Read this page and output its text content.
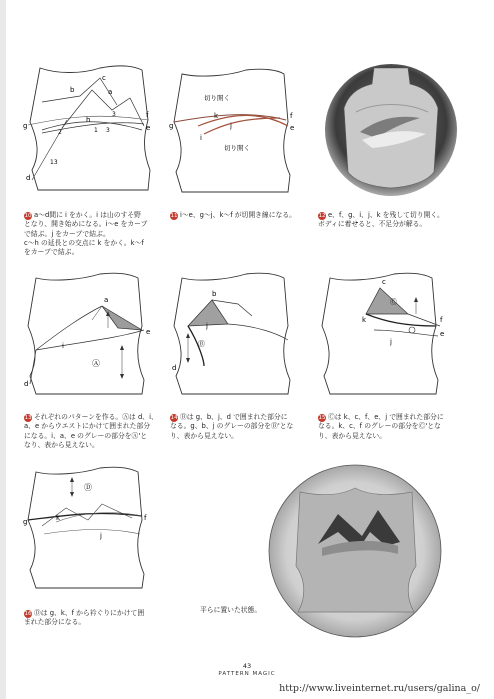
c
b	a
2
3
1 3
g
h
e
f
13
d
切り開く
g
k	f
j
i
e
切り開く

10 a～d間に i をかく。i は山のすそ野
となり、開き始めになる。i～e をカーブ
で結ぶ。j をカーブで結ぶ。
c～h の延長との交点に k をかく。k～f
をカーブで結ぶ。

11 i～e、g～j、k～f が切開き線になる。	12 e、f、g、i、j、k を残して切り開く。
ボディに着せると、不足分が解る。

a
i
e
d
Ⓐ
Ⓑ
b
j
d
c
Ⓒ
k	f
e
j

13 それぞれのパターンを作る。Ⓐは d、i、
a、e からウエストにかけて囲まれた部分
になる。i、a、e のグレーの部分をⒶ'と
なり、表から見えない。

14 Ⓑは g、b、j、d で囲まれた部分に
なる。g、b、j のグレーの部分をⒷ'とな
り、表から見えない。

15 Ⓒは k、c、f、e、j で囲まれた部分に
なる。k、c、f のグレーの部分をⒸ'とな
り、表から見えない。

Ⓓ
g	k	f
j

16 Ⓓは g、k、f から衿ぐりにかけて囲
まれた部分になる。

平らに置いた状態。
43
PATTERN MAGIC
http://www.liveinternet.ru/users/galina_o/
